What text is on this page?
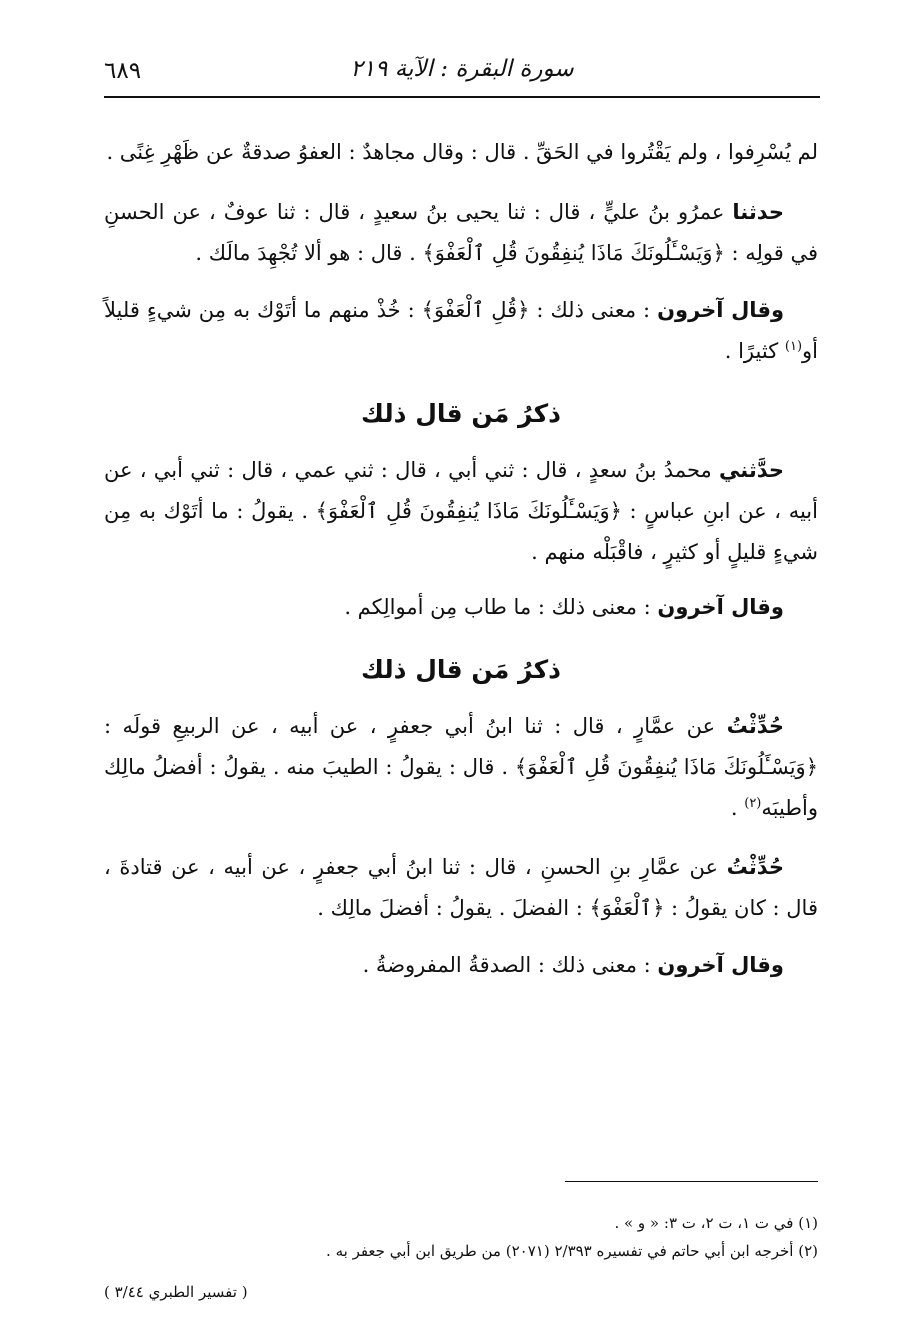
سورة البقرة : الآية ٢١٩
٦٨٩

لم يُسْرِفوا ، ولم يَقْتُروا في الحَقِّ . قال : وقال مجاهدٌ : العفوُ صدقةٌ عن ظَهْرِ غِنًى .

حدثنا عمرُو بنُ عليٍّ ، قال : ثنا يحيى بنُ سعيدٍ ، قال : ثنا عوفٌ ، عن الحسنِ في قولِه : ﴿وَيَسْـَٔلُونَكَ مَاذَا يُنفِقُونَ قُلِ ٱلْعَفْوَ﴾ . قال : هو ألا تُجْهِدَ مالَك .

وقال آخرون : معنى ذلك : ﴿قُلِ ٱلْعَفْوَ﴾ : خُذْ منهم ما أتَوْك به مِن شيءٍ قليلاً أو$^{(١)}$ كثيرًا .

ذكرُ مَن قال ذلك

حدَّثني محمدُ بنُ سعدٍ ، قال : ثني أبي ، قال : ثني عمي ، قال : ثني أبي ، عن أبيه ، عن ابنِ عباسٍ : ﴿وَيَسْـَٔلُونَكَ مَاذَا يُنفِقُونَ قُلِ ٱلْعَفْوَ﴾ . يقولُ : ما أتَوْك به مِن شيءٍ قليلٍ أو كثيرٍ ، فاقْبَلْه منهم .

وقال آخرون : معنى ذلك : ما طاب مِن أموالِكم .

ذكرُ مَن قال ذلك

حُدِّثْتُ عن عمَّارٍ ، قال : ثنا ابنُ أبي جعفرٍ ، عن أبيه ، عن الربيعِ قولَه : ﴿وَيَسْـَٔلُونَكَ مَاذَا يُنفِقُونَ قُلِ ٱلْعَفْوَ﴾ . قال : يقولُ : الطيبَ منه . يقولُ : أفضلُ مالِك وأطيبَه$^{(٢)}$ .

حُدِّثْتُ عن عمَّارِ بنِ الحسنِ ، قال : ثنا ابنُ أبي جعفرٍ ، عن أبيه ، عن قتادةَ ، قال : كان يقولُ : ﴿ٱلْعَفْوَ﴾ : الفضلَ . يقولُ : أفضلَ مالِك .

وقال آخرون : معنى ذلك : الصدقةُ المفروضةُ .

(١) في ت ١، ت ٢، ت ٣: « و » .

(٢) أخرجه ابن أبي حاتم في تفسيره ٢/٣٩٣ (٢٠٧١) من طريق ابن أبي جعفر به .

( تفسير الطبري ٣/٤٤ )
